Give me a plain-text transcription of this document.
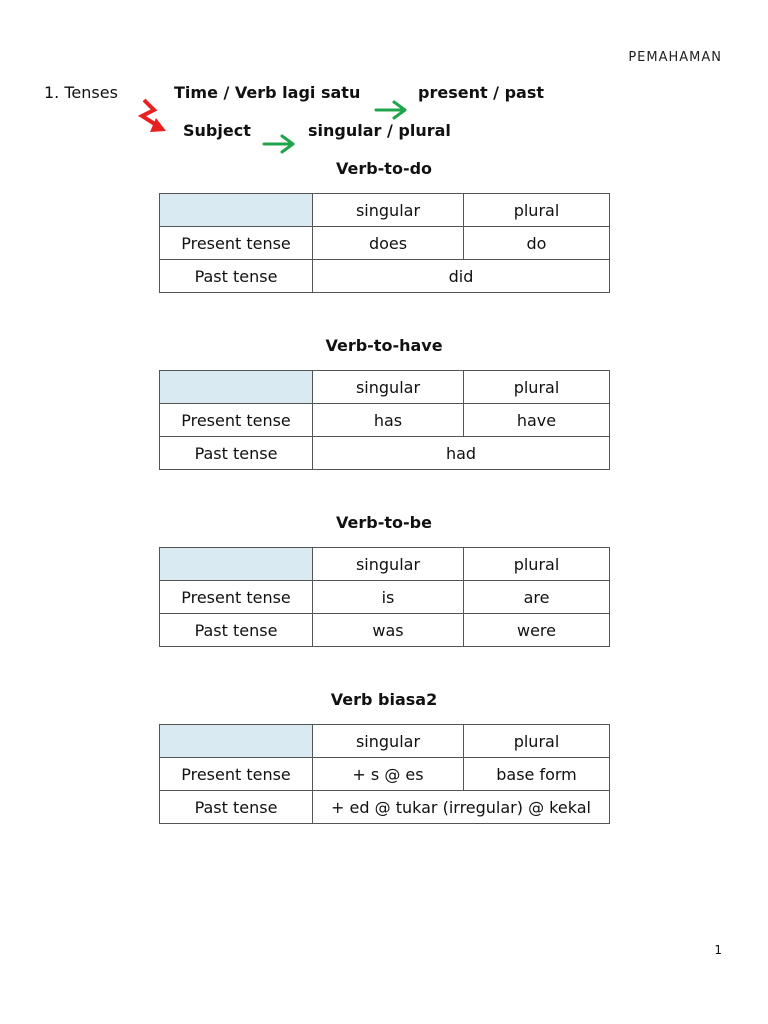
PEMAHAMAN
1. Tenses	Time / Verb lagi satu	present / past
Subject	singular / plural
Verb-to-do
	singular	plural
Present tense	does	do
Past tense	did	
Verb-to-have
	singular	plural
Present tense	has	have
Past tense	had	
Verb-to-be
	singular	plural
Present tense	is	are
Past tense	was	were
Verb biasa2
	singular	plural
Present tense	+ s @ es	base form
Past tense	+ ed @ tukar (irregular) @ kekal	
1
